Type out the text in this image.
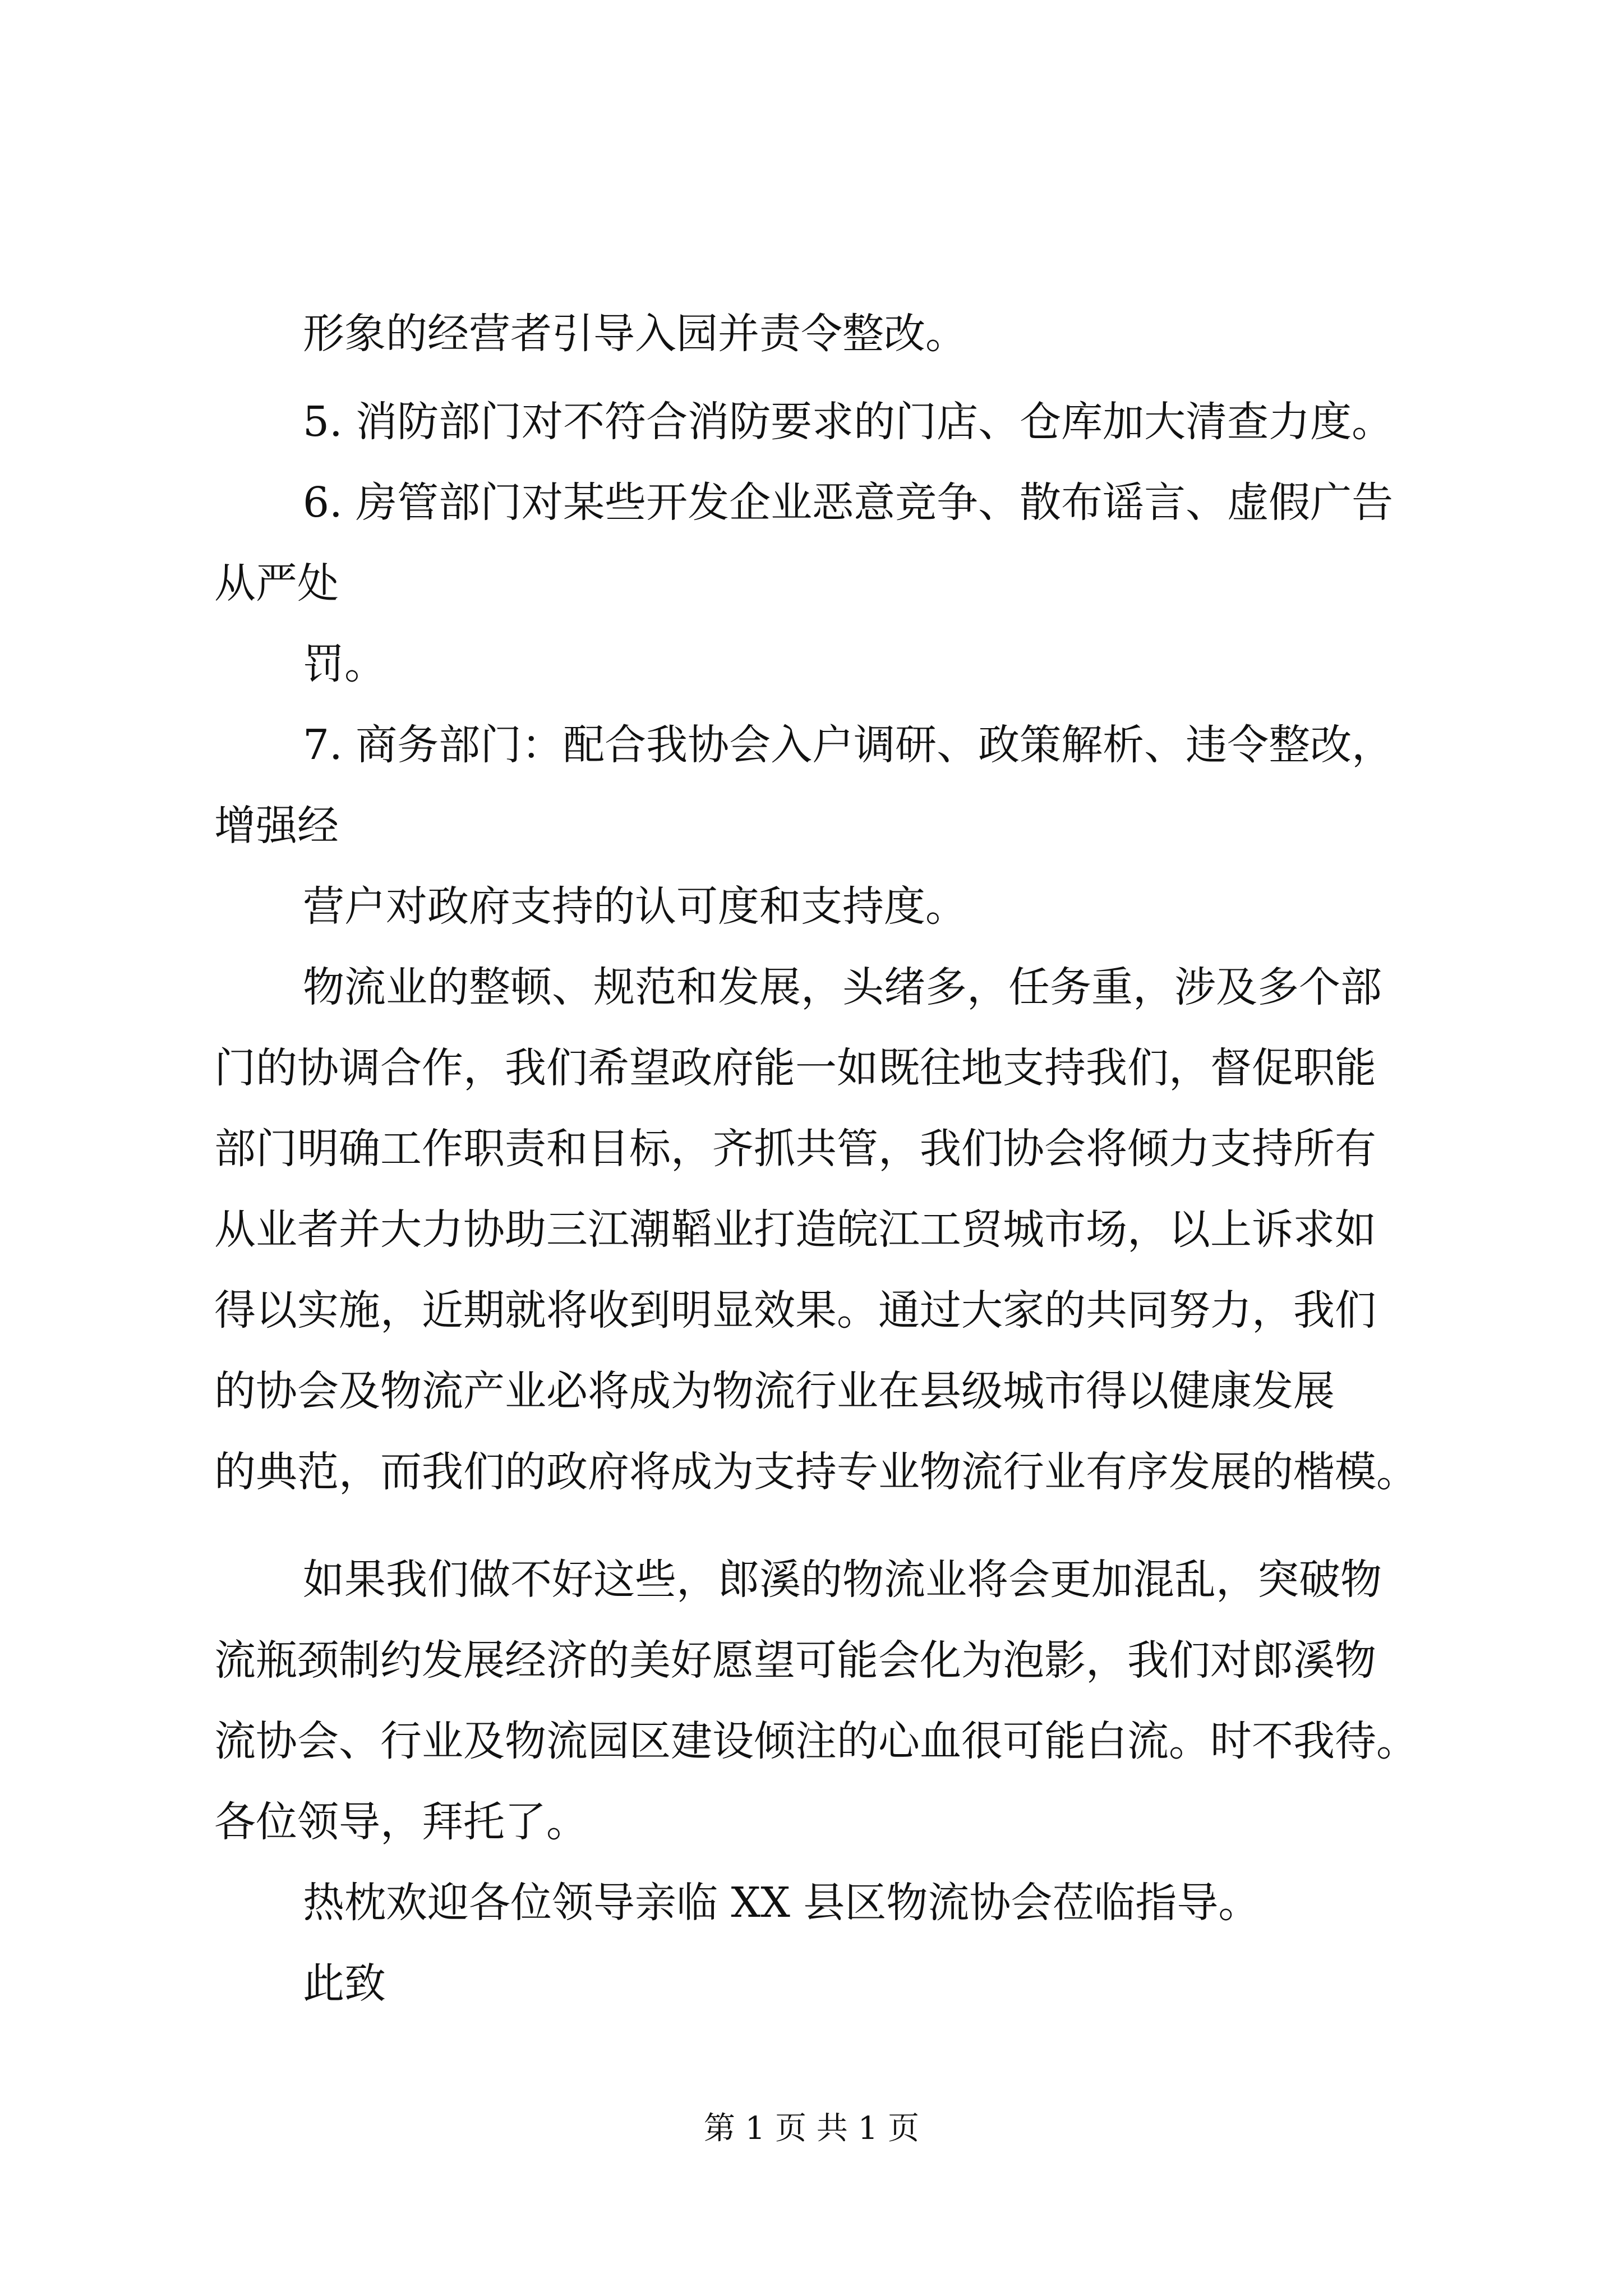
形象的经营者引导入园并责令整改。

5. 消防部门对不符合消防要求的门店、仓库加大清查力度。

6. 房管部门对某些开发企业恶意竞争、散布谣言、虚假广告

从严处

罚。

7. 商务部门：配合我协会入户调研、政策解析、违令整改，

增强经

营户对政府支持的认可度和支持度。

物流业的整顿、规范和发展，头绪多，任务重，涉及多个部

门的协调合作，我们希望政府能一如既往地支持我们，督促职能

部门明确工作职责和目标，齐抓共管，我们协会将倾力支持所有

从业者并大力协助三江潮鞱业打造皖江工贸城市场，以上诉求如

得以实施，近期就将收到明显效果。通过大家的共同努力，我们

的协会及物流产业必将成为物流行业在县级城市得以健康发展

的典范，而我们的政府将成为支持专业物流行业有序发展的楷模。

如果我们做不好这些，郎溪的物流业将会更加混乱，突破物

流瓶颈制约发展经济的美好愿望可能会化为泡影，我们对郎溪物

流协会、行业及物流园区建设倾注的心血很可能白流。时不我待。

各位领导，拜托了。

热枕欢迎各位领导亲临 XX 县区物流协会莅临指导。

此致

第 1 页 共 1 页
